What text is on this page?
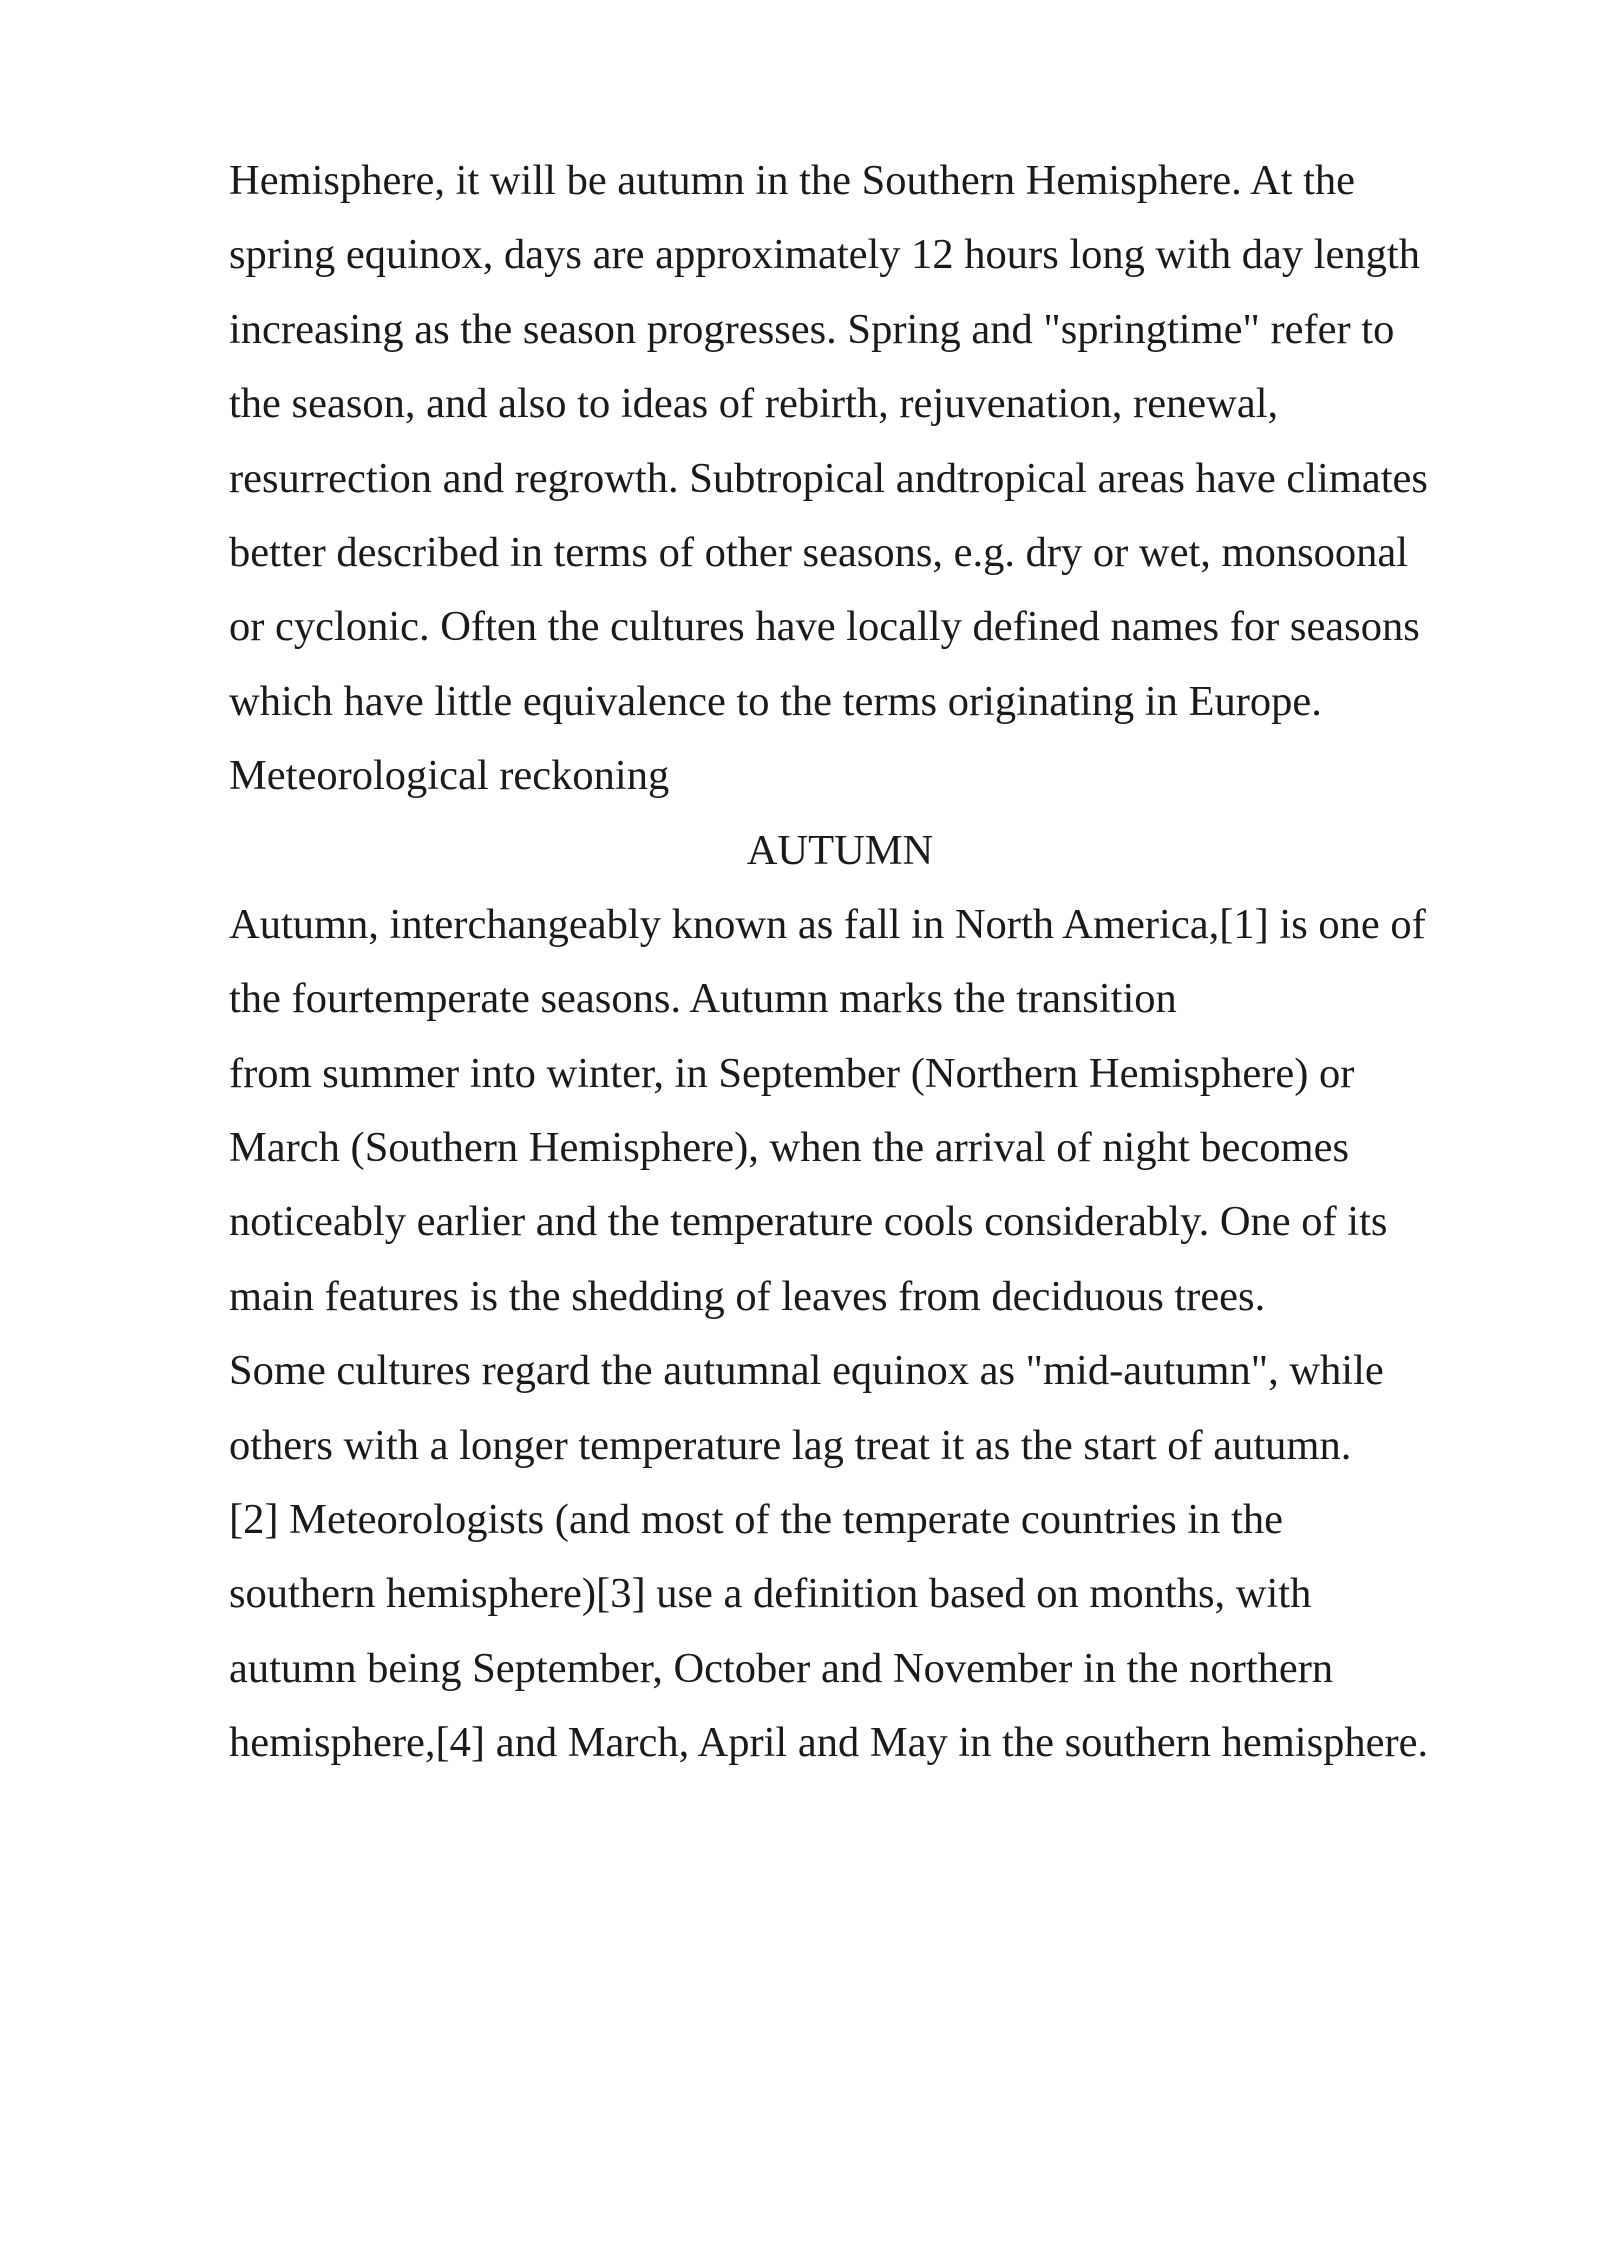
Hemisphere, it will be autumn in the Southern Hemisphere. At the
spring equinox, days are approximately 12 hours long with day length
increasing as the season progresses. Spring and "springtime" refer to
the season, and also to ideas of rebirth, rejuvenation, renewal,
resurrection and regrowth. Subtropical andtropical areas have climates
better described in terms of other seasons, e.g. dry or wet, monsoonal
or cyclonic. Often the cultures have locally defined names for seasons
which have little equivalence to the terms originating in Europe.
Meteorological reckoning
AUTUMN
Autumn, interchangeably known as fall in North America,[1] is one of
the fourtemperate seasons. Autumn marks the transition
from summer into winter, in September (Northern Hemisphere) or
March (Southern Hemisphere), when the arrival of night becomes
noticeably earlier and the temperature cools considerably. One of its
main features is the shedding of leaves from deciduous trees.
Some cultures regard the autumnal equinox as "mid-autumn", while
others with a longer temperature lag treat it as the start of autumn.
[2] Meteorologists (and most of the temperate countries in the
southern hemisphere)[3] use a definition based on months, with
autumn being September, October and November in the northern
hemisphere,[4] and March, April and May in the southern hemisphere.
